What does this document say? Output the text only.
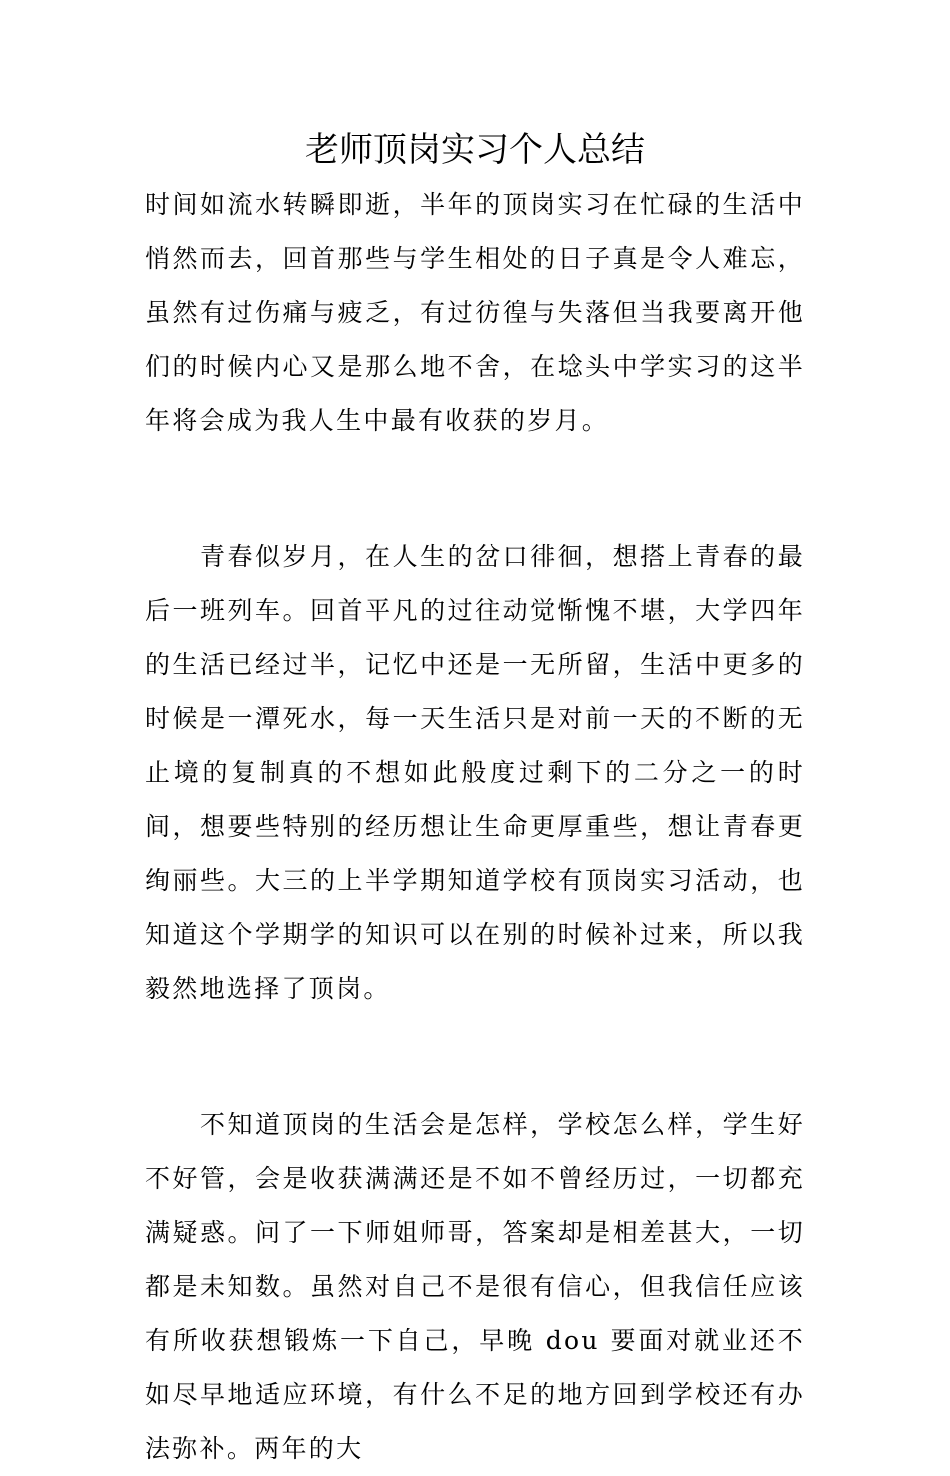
老师顶岗实习个人总结

时间如流水转瞬即逝，半年的顶岗实习在忙碌的生活中悄然而去，回首那些与学生相处的日子真是令人难忘，虽然有过伤痛与疲乏，有过彷徨与失落但当我要离开他们的时候内心又是那么地不舍，在埝头中学实习的这半年将会成为我人生中最有收获的岁月。

青春似岁月，在人生的岔口徘徊，想搭上青春的最后一班列车。回首平凡的过往动觉惭愧不堪，大学四年的生活已经过半，记忆中还是一无所留，生活中更多的时候是一潭死水，每一天生活只是对前一天的不断的无止境的复制真的不想如此般度过剩下的二分之一的时间，想要些特别的经历想让生命更厚重些，想让青春更绚丽些。大三的上半学期知道学校有顶岗实习活动，也知道这个学期学的知识可以在别的时候补过来，所以我毅然地选择了顶岗。

不知道顶岗的生活会是怎样，学校怎么样，学生好不好管，会是收获满满还是不如不曾经历过，一切都充满疑惑。问了一下师姐师哥，答案却是相差甚大，一切都是未知数。虽然对自己不是很有信心，但我信任应该有所收获想锻炼一下自己，早晚 dou 要面对就业还不如尽早地适应环境，有什么不足的地方回到学校还有办法弥补。两年的大
